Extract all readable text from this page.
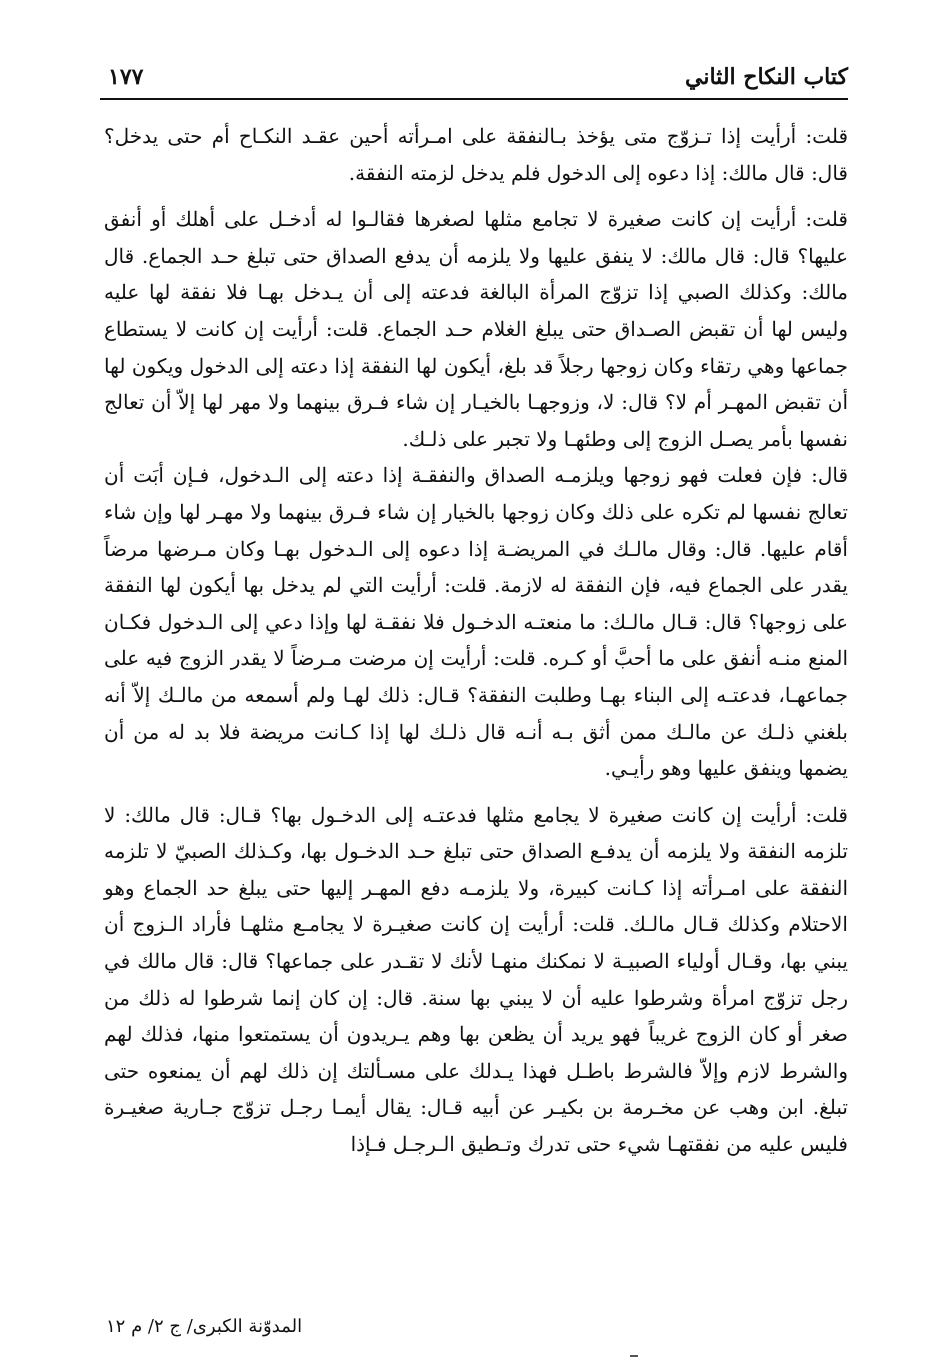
كتاب النكاح الثاني
١٧٧

قلت: أرأيت إذا تـزوّج متى يؤخذ بـالنفقة على امـرأته أحين عقـد النكـاح أم حتى يدخل؟ قال: قال مالك: إذا دعوه إلى الدخول فلم يدخل لزمته النفقة.

قلت: أرأيت إن كانت صغيرة لا تجامع مثلها لصغرها فقالـوا له أدخـل على أهلك أو أنفق عليها؟ قال: قال مالك: لا ينفق عليها ولا يلزمه أن يدفع الصداق حتى تبلغ حـد الجماع. قال مالك: وكذلك الصبي إذا تزوّج المرأة البالغة فدعته إلى أن يـدخل بهـا فلا نفقة لها عليه وليس لها أن تقبض الصـداق حتى يبلغ الغلام حـد الجماع. قلت: أرأيت إن كانت لا يستطاع جماعها وهي رتقاء وكان زوجها رجلاً قد بلغ، أيكون لها النفقة إذا دعته إلى الدخول ويكون لها أن تقبض المهـر أم لا؟ قال: لا، وزوجهـا بالخيـار إن شاء فـرق بينهما ولا مهر لها إلاّ أن تعالج نفسها بأمر يصـل الزوج إلى وطئهـا ولا تجبر على ذلـك.

قال: فإن فعلت فهو زوجها ويلزمـه الصداق والنفقـة إذا دعته إلى الـدخول، فـإن أبَت أن تعالج نفسها لم تكره على ذلك وكان زوجها بالخيار إن شاء فـرق بينهما ولا مهـر لها وإن شاء أقام عليها. قال: وقال مالـك في المريضـة إذا دعوه إلى الـدخول بهـا وكان مـرضها مرضاً يقدر على الجماع فيه، فإن النفقة له لازمة. قلت: أرأيت التي لم يدخل بها أيكون لها النفقة على زوجها؟ قال: قـال مالـك: ما منعتـه الدخـول فلا نفقـة لها وإذا دعي إلى الـدخول فكـان المنع منـه أنفق على ما أحبَّ أو كـره. قلت: أرأيت إن مرضت مـرضاً لا يقدر الزوج فيه على جماعهـا، فدعتـه إلى البناء بهـا وطلبت النفقة؟ قـال: ذلك لهـا ولم أسمعه من مالـك إلاّ أنه بلغني ذلـك عن مالـك ممن أثق بـه أنـه قال ذلـك لها إذا كـانت مريضة فلا بد له من أن يضمها وينفق عليها وهو رأيـي.

قلت: أرأيت إن كانت صغيرة لا يجامع مثلها فدعتـه إلى الدخـول بها؟ قـال: قال مالك: لا تلزمه النفقة ولا يلزمه أن يدفـع الصداق حتى تبلغ حـد الدخـول بها، وكـذلك الصبيّ لا تلزمه النفقة على امـرأته إذا كـانت كبيرة، ولا يلزمـه دفع المهـر إليها حتى يبلغ حد الجماع وهو الاحتلام وكذلك قـال مالـك. قلت: أرأيت إن كانت صغيـرة لا يجامـع مثلهـا فأراد الـزوج أن يبني بها، وقـال أولياء الصبيـة لا نمكنك منهـا لأنك لا تقـدر على جماعها؟ قال: قال مالك في رجل تزوّج امرأة وشرطوا عليه أن لا يبني بها سنة. قال: إن كان إنما شرطوا له ذلك من صغر أو كان الزوج غريباً فهو يريد أن يظعن بها وهم يـريدون أن يستمتعوا منها، فذلك لهم والشرط لازم وإلاّ فالشرط باطـل فهذا يـدلك على مسـألتك إن ذلك لهم أن يمنعوه حتى تبلغ. ابن وهب عن مخـرمة بن بكيـر عن أبيه قـال: يقال أيمـا رجـل تزوّج جـارية صغيـرة فليس عليه من نفقتهـا شيء حتى تدرك وتـطيق الـرجـل فـإذا

المدوّنة الكبرى/ ج ٢/ م ١٢
